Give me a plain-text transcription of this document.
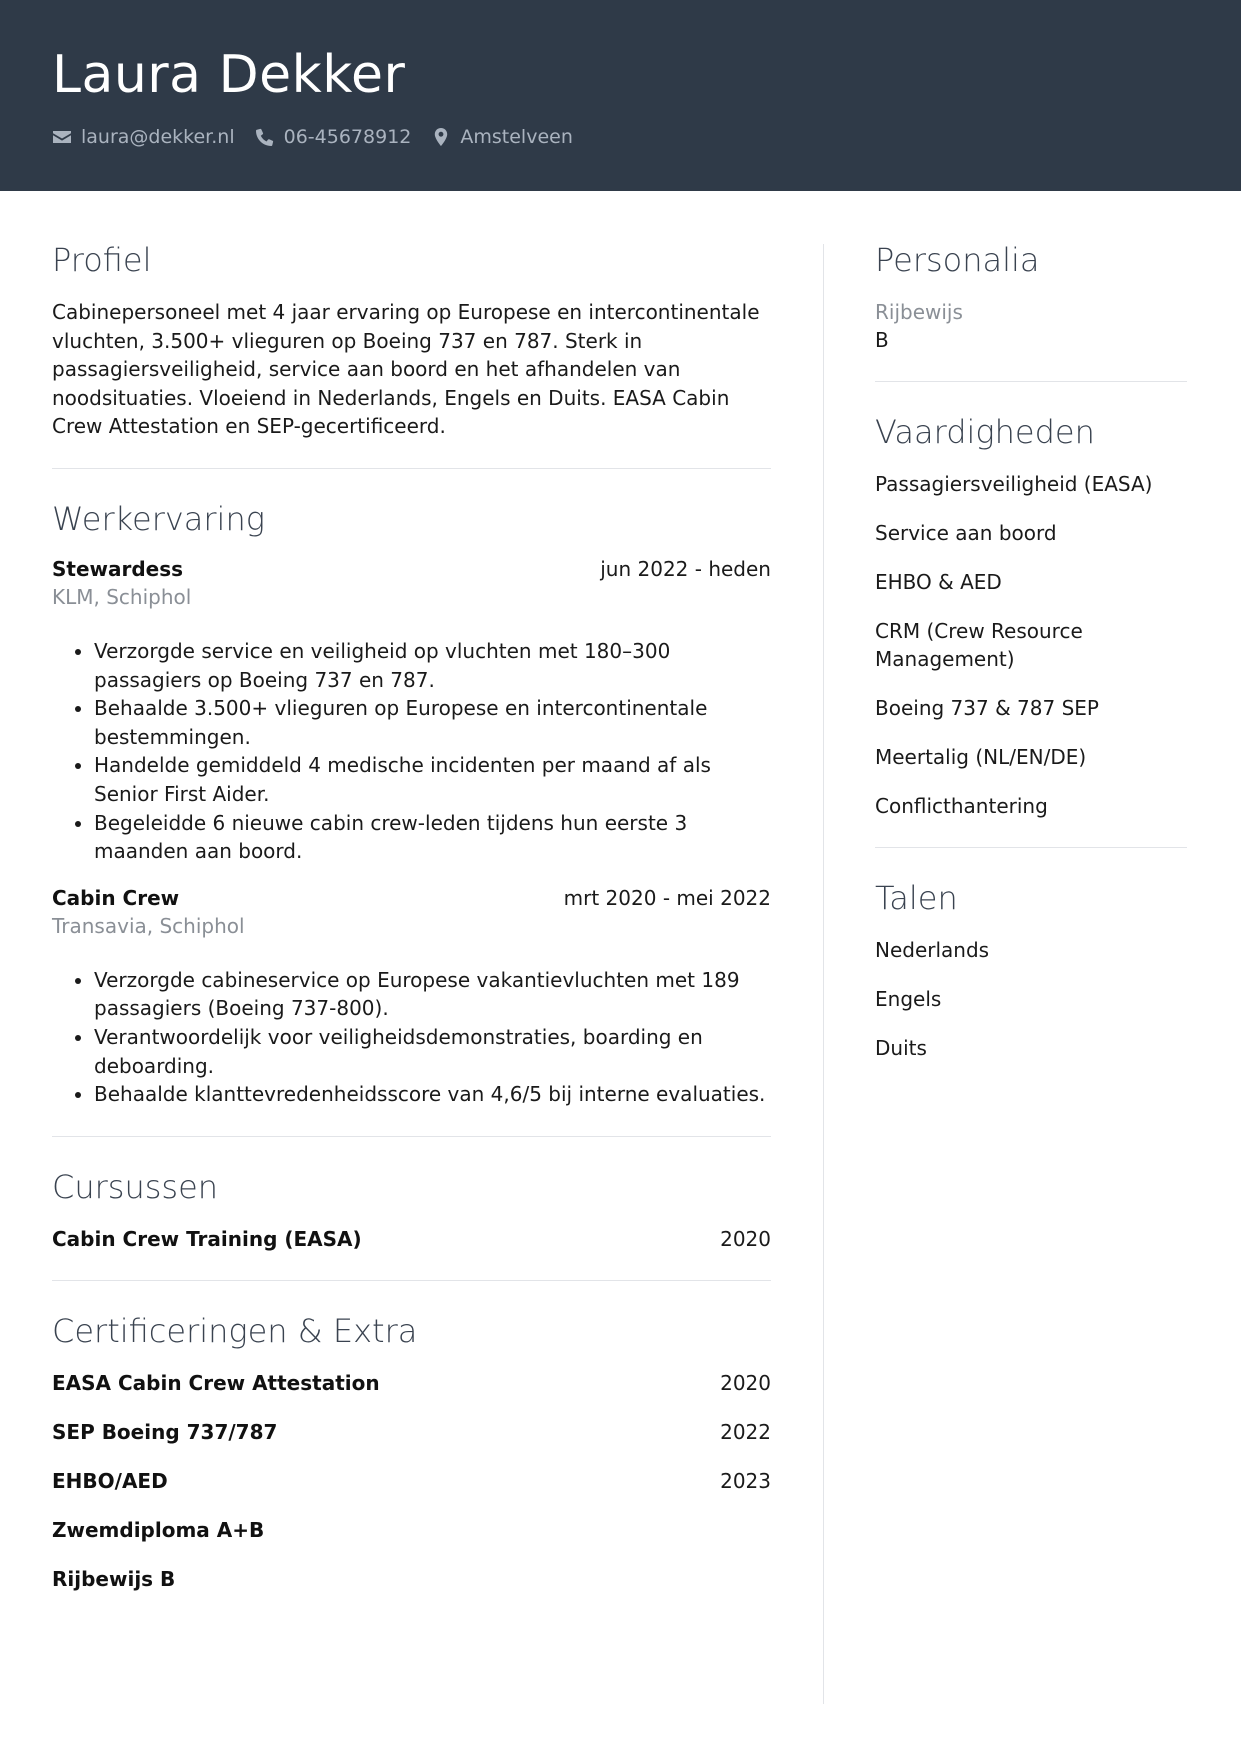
Laura Dekker
laura@dekker.nl	06-45678912	Amstelveen
Profiel

Cabinepersoneel met 4 jaar ervaring op Europese en intercontinentale vluchten, 3.500+ vlieguren op Boeing 737 en 787. Sterk in passagiersveiligheid, service aan boord en het afhandelen van noodsituaties. Vloeiend in Nederlands, Engels en Duits. EASA Cabin Crew Attestation en SEP-gecertificeerd.

Werkervaring
Stewardess	jun 2022 - heden
KLM, Schiphol
• Verzorgde service en veiligheid op vluchten met 180–300 passagiers op Boeing 737 en 787.
• Behaalde 3.500+ vlieguren op Europese en intercontinentale bestemmingen.
• Handelde gemiddeld 4 medische incidenten per maand af als Senior First Aider.
• Begeleidde 6 nieuwe cabin crew-leden tijdens hun eerste 3 maanden aan boord.
Cabin Crew	mrt 2020 - mei 2022
Transavia, Schiphol
• Verzorgde cabineservice op Europese vakantievluchten met 189 passagiers (Boeing 737-800).
• Verantwoordelijk voor veiligheidsdemonstraties, boarding en deboarding.
• Behaalde klanttevredenheidsscore van 4,6/5 bij interne evaluaties.
Cursussen
Cabin Crew Training (EASA)	2020
Certificeringen & Extra
EASA Cabin Crew Attestation	2020
SEP Boeing 737/787	2022
EHBO/AED	2023
Zwemdiploma A+B
Rijbewijs B
Personalia
Rijbewijs
B
Vaardigheden
Passagiersveiligheid (EASA)
Service aan boord
EHBO & AED
CRM (Crew Resource Management)
Boeing 737 & 787 SEP
Meertalig (NL/EN/DE)
Conflicthantering
Talen
Nederlands
Engels
Duits
